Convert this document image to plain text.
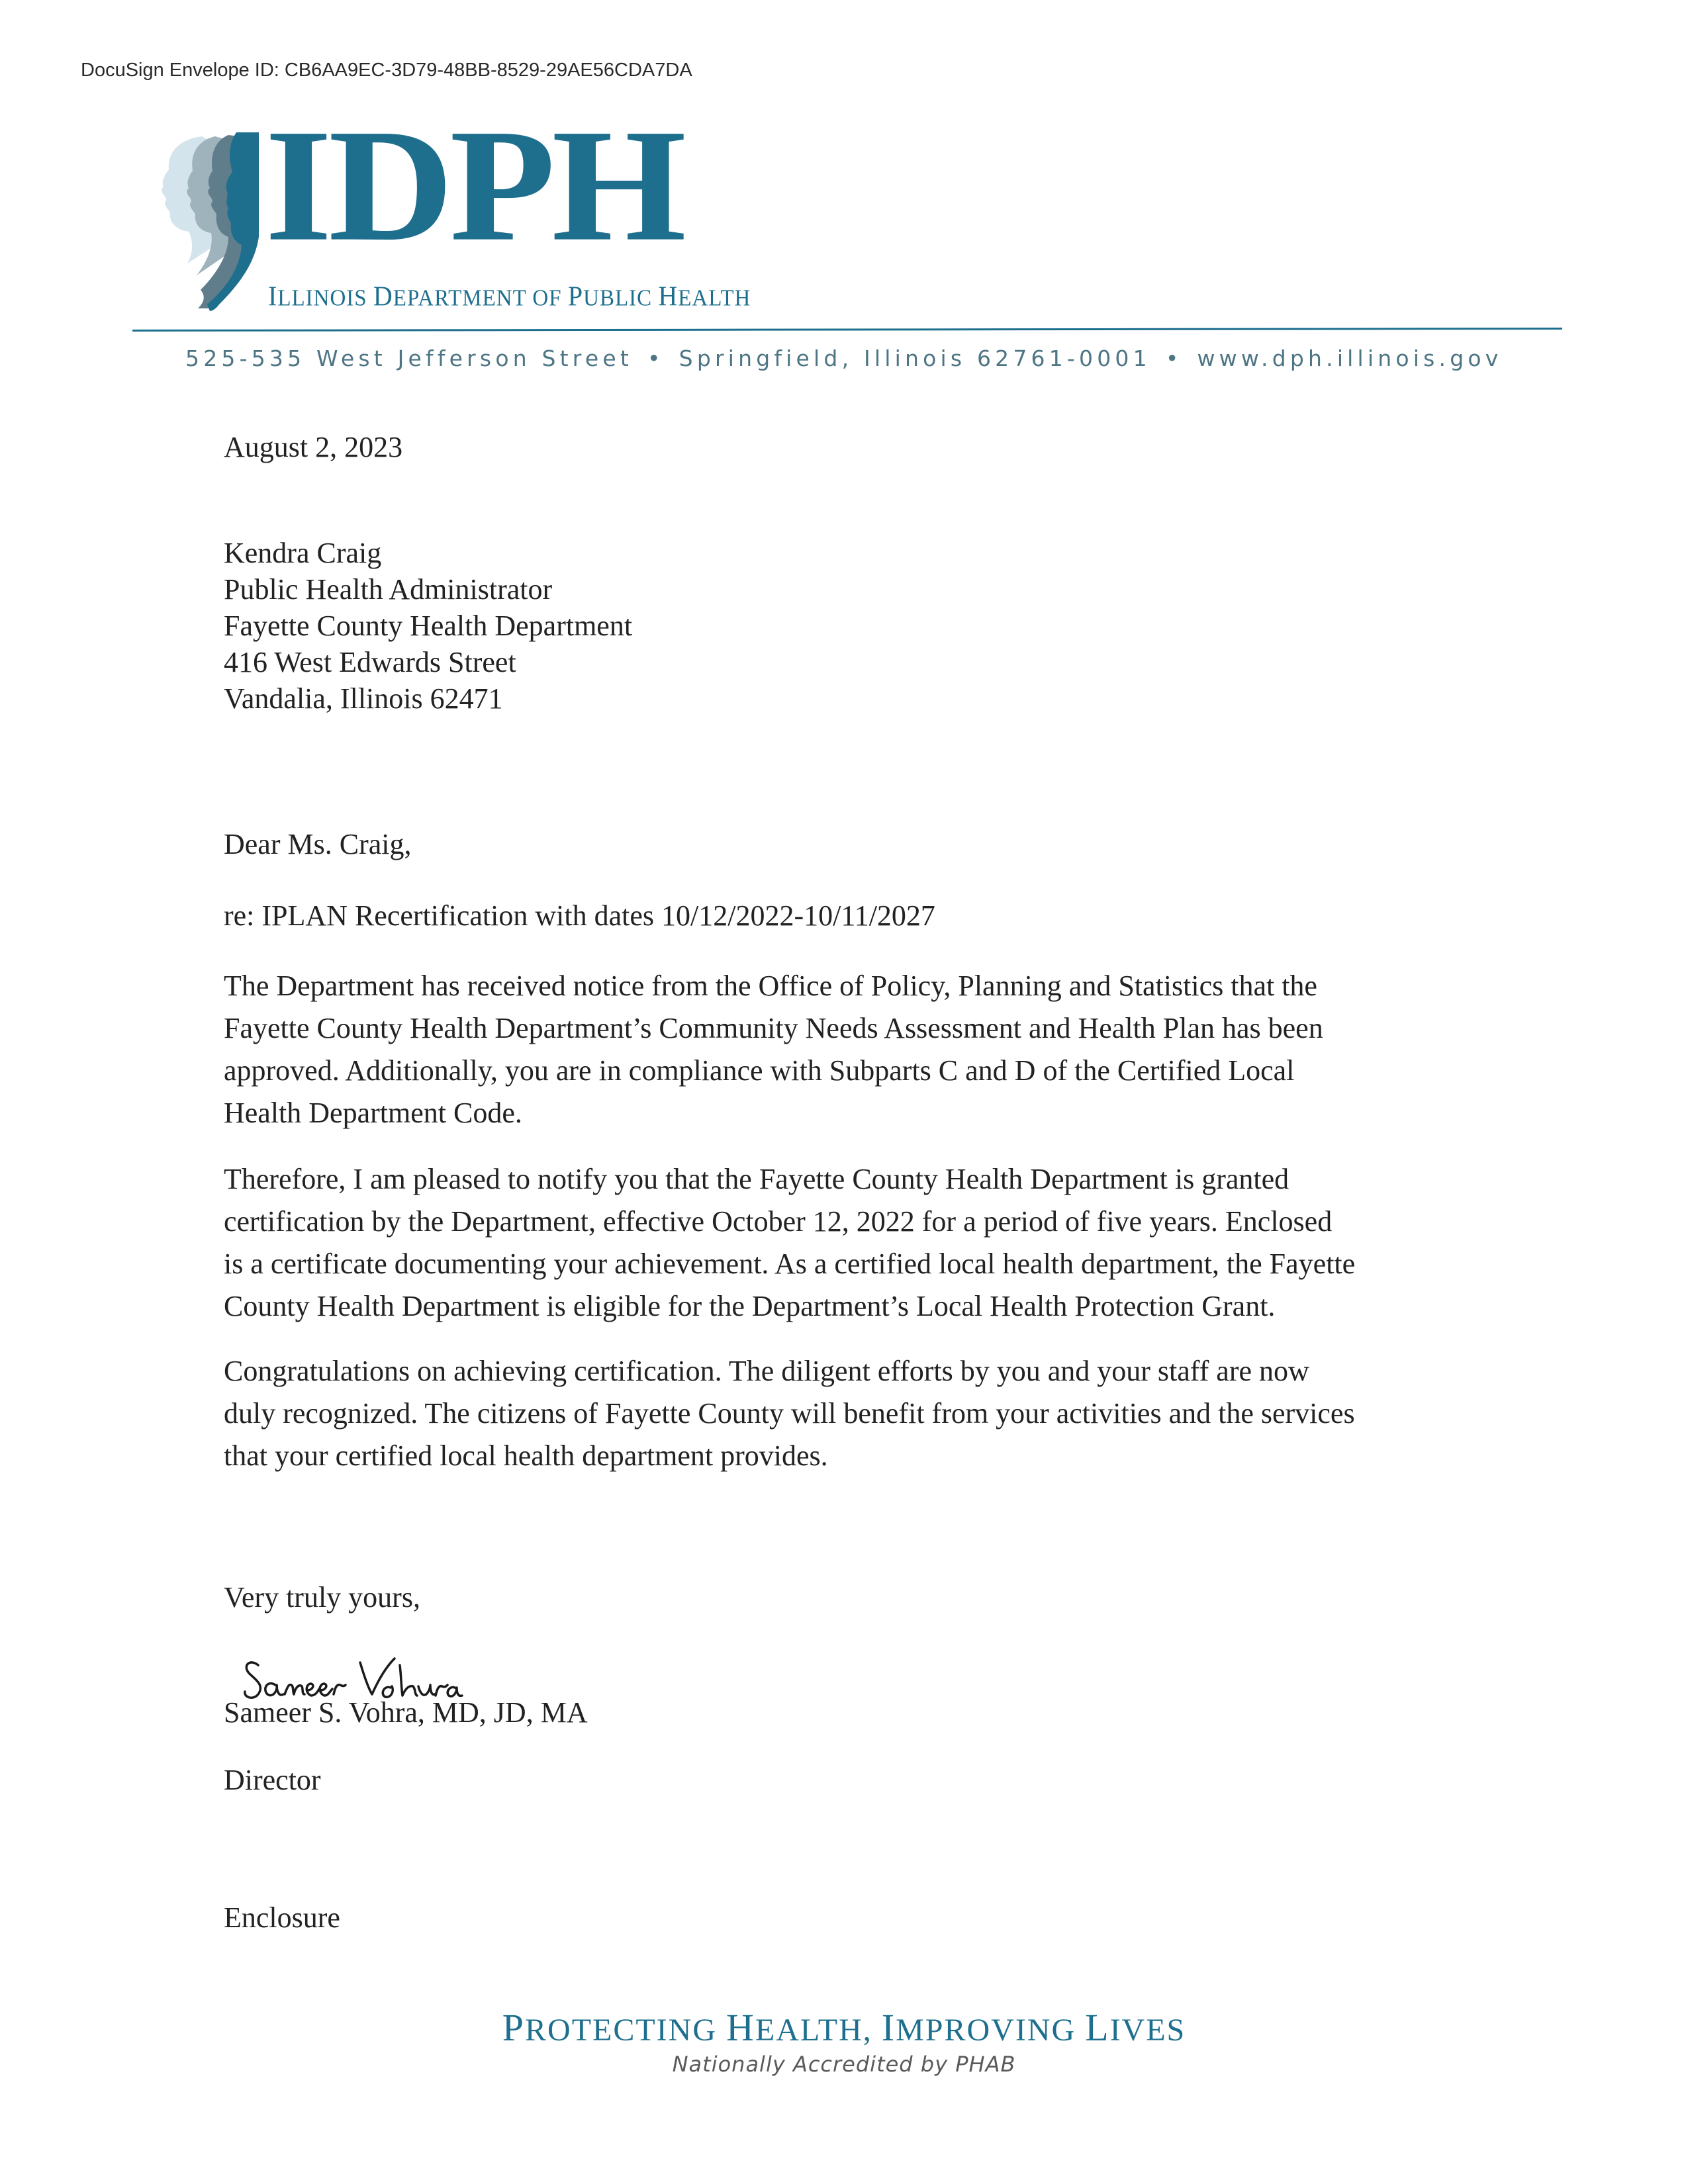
DocuSign Envelope ID: CB6AA9EC-3D79-48BB-8529-29AE56CDA7DA

IDPH
ILLINOIS DEPARTMENT OF PUBLIC HEALTH
525-535 West Jefferson Street • Springfield, Illinois 62761-0001 • www.dph.illinois.gov

August 2, 2023

Kendra Craig
Public Health Administrator
Fayette County Health Department
416 West Edwards Street
Vandalia, Illinois 62471

Dear Ms. Craig,

re: IPLAN Recertification with dates 10/12/2022-10/11/2027

The Department has received notice from the Office of Policy, Planning and Statistics that the
Fayette County Health Department’s Community Needs Assessment and Health Plan has been
approved. Additionally, you are in compliance with Subparts C and D of the Certified Local
Health Department Code.
Therefore, I am pleased to notify you that the Fayette County Health Department is granted
certification by the Department, effective October 12, 2022 for a period of five years. Enclosed
is a certificate documenting your achievement. As a certified local health department, the Fayette
County Health Department is eligible for the Department’s Local Health Protection Grant.
Congratulations on achieving certification. The diligent efforts by you and your staff are now
duly recognized. The citizens of Fayette County will benefit from your activities and the services
that your certified local health department provides.

Very truly yours,

Sameer S. Vohra, MD, JD, MA

Director

Enclosure

PROTECTING HEALTH, IMPROVING LIVES
Nationally Accredited by PHAB
